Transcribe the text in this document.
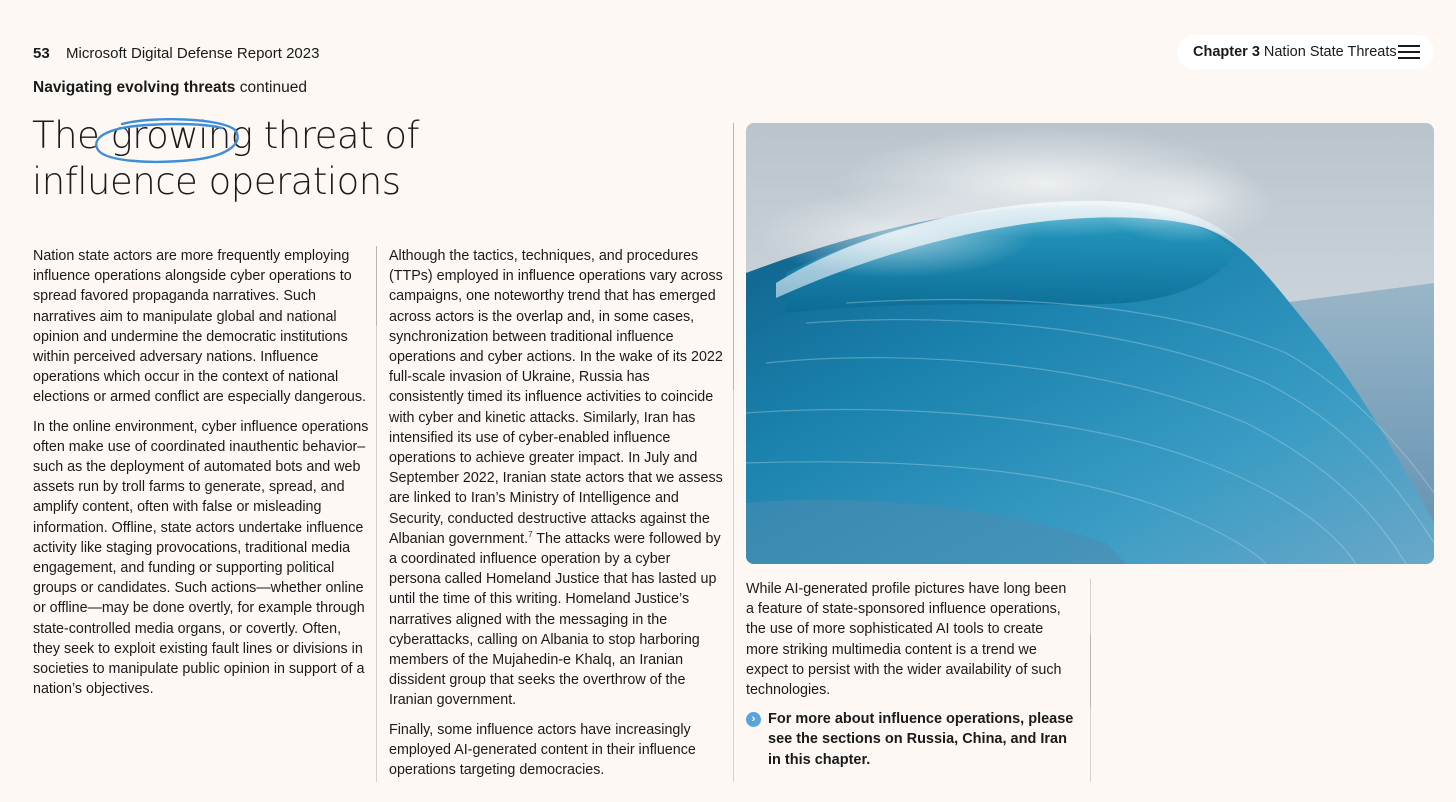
53 Microsoft Digital Defense Report 2023
Navigating evolving threats continued
Chapter 3 Nation State Threats
The growing threat of
influence operations

Nation state actors are more frequently employing influence operations alongside cyber operations to spread favored propaganda narratives. Such narratives aim to manipulate global and national opinion and undermine the democratic institutions within perceived adversary nations. Influence operations which occur in the context of national elections or armed conflict are especially dangerous.

In the online environment, cyber influence operations often make use of coordinated inauthentic behavior–such as the deployment of automated bots and web assets run by troll farms to generate, spread, and amplify content, often with false or misleading information. Offline, state actors undertake influence activity like staging provocations, traditional media engagement, and funding or supporting political groups or candidates. Such actions—whether online or offline—may be done overtly, for example through state-controlled media organs, or covertly. Often, they seek to exploit existing fault lines or divisions in societies to manipulate public opinion in support of a nation’s objectives.

Although the tactics, techniques, and procedures (TTPs) employed in influence operations vary across campaigns, one noteworthy trend that has emerged across actors is the overlap and, in some cases, synchronization between traditional influence operations and cyber actions. In the wake of its 2022 full-scale invasion of Ukraine, Russia has consistently timed its influence activities to coincide with cyber and kinetic attacks. Similarly, Iran has intensified its use of cyber-enabled influence operations to achieve greater impact. In July and September 2022, Iranian state actors that we assess are linked to Iran’s Ministry of Intelligence and Security, conducted destructive attacks against the Albanian government.$^7$ The attacks were followed by a coordinated influence operation by a cyber persona called Homeland Justice that has lasted up until the time of this writing. Homeland Justice’s narratives aligned with the messaging in the cyberattacks, calling on Albania to stop harboring members of the Mujahedin-e Khalq, an Iranian dissident group that seeks the overthrow of the Iranian government.

Finally, some influence actors have increasingly employed AI-generated content in their influence operations targeting democracies.

While AI-generated profile pictures have long been a feature of state-sponsored influence operations, the use of more sophisticated AI tools to create more striking multimedia content is a trend we expect to persist with the wider availability of such technologies.

› For more about influence operations, please see the sections on Russia, China, and Iran in this chapter.
